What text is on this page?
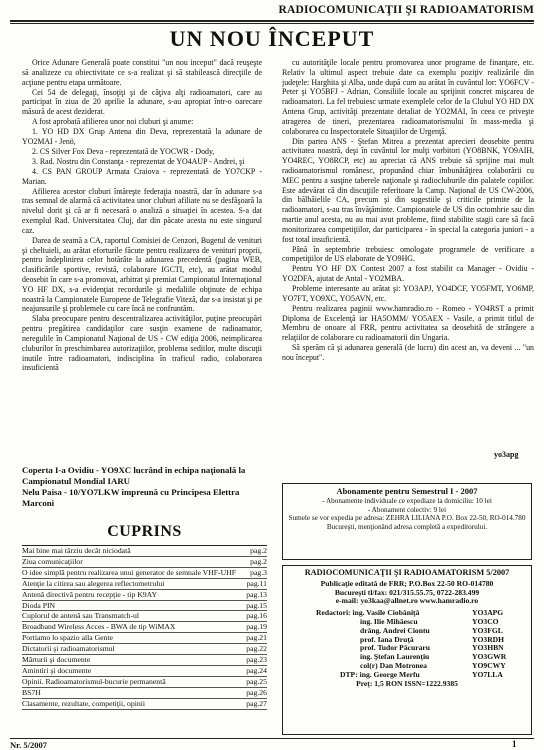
RADIOCOMUNICAŢII ŞI RADIOAMATORISM
UN NOU ÎNCEPUT

Orice Adunare Generală poate constitui "un nou inceput" dacă reuşeşte să analizeze cu obiectivitate ce s-a realizat şi să stabilească direcţiile de acţiune pentru etapa următoare.

Cei 54 de delegaţi, însoţiţi şi de câţiva alţi radioamatori, care au participat în ziua de 20 aprilie la adunare, s-au apropiat într-o oarecare măsură de acest deziderat.

A fost aprobată afilierea unor noi cluburi şi anume:

1. YO HD DX Grup Antena din Deva, reprezentată la adunare de YO2MAI - Jenö,

2. CS Silver Fox Deva - reprezentată de YOCWR - Dody,

3. Rad. Nostru din Constanţa - reprezentat de YO4AUP - Andrei, şi

4. CS PAN GROUP Armata Craiova - reprezentată de YO7CKP - Marian.

Afilierea acestor cluburi întăreşte federaţia noastră, dar în adunare s-a tras semnal de alarmă că activitatea unor cluburi afiliate nu se desfăşoară la nivelul dorit şi că ar fi necesară o analiză a situaţiei în acestea. S-a dat exemplul Rad. Universitatea Cluj, dar din păcate acesta nu este singurul caz.

Darea de seamă a CA, raportul Comisiei de Cenzori, Bugetul de venituri şi cheltuieli, au arătat eforturile făcute pentru realizarea de venituri proprii, pentru îndeplinirea celor hotărâte la adunarea precedentă (pagina WEB, clasificările sportive, revistă, colaborare IGCTI, etc), au arătat modul deosebit în care s-a promovat, arbitrat şi premiat Campionatul Internaţional YO HF DX, s-a evidenţiat recordurile şi medaliile obţinute de echipa noastră la Campionatele Europene de Telegrafie Viteză, dar s-a insistat şi pe neajunsurile şi problemele cu care încă ne confruntăm.

Slaba preocupare pentru descentralizarea activităţilor, puţine preocupări pentru pregătirea candidaţilor care susţin examene de radioamator, neregulile în Campionatul Naţional de US - CW ediţia 2006, neimplicarea cluburilor în preschimbarea autorizaţiilor, problema sediilor, multe discuţii inutile între radioamatori, indisciplina în traficul radio, colaborarea insuficientă

cu autorităţile locale pentru promovarea unor programe de finanţare, etc. Relativ la ultimul aspect trebuie date ca exemplu poziţiv realizările din judeţele: Harghita şi Alba, unde după cum au arătat în cuvântul lor: YO6FCV - Peter şi YO5BFJ - Adrian, Consiliile locale au sprijinit concret mişcarea de radioamatori. La fel trebuiesc urmate exemplele celor de la Clubul YO HD DX Antena Grup, activităţi prezentate detaliat de YO2MAI, în ceea ce priveşte atragerea de tineri, prezentarea radioamatorismului în mass-media şi colaborarea cu Inspectoratele Situaţiilor de Urgenţă.

Din partea ANS - Ştefan Mitrea a prezentat aprecieri deosebite pentru activitatea noastră, deşi în cuvântul lor mulţi vorbitori (YO8BNK, YO9AIH, YO4REC, YO8RCP, etc) au apreciat că ANS trebuie să sprijine mai mult radioamatorismul românesc, propunând chiar îmbunătăţirea colaborării cu MEC pentru a susţine taberele naţionale şi radiocluburile din palatele copiilor. Este adevărat că din discuţiile referitoare la Camp. Naţional de US CW-2006, din bălbăielile CA, precum şi din sugestiile şi criticile primite de la radioamatori, s-au tras învăţăminte. Campionatele de US din octombrie sau din martie anul acesta, nu au mai avut probleme, fiind stabilite stagii care să facă monitorizarea competiţiilor, dar participarea - în special la categoria juniori - a fost total insuficientă.

Până în septembrie trebuiesc omologate programele de verificare a competiţiilor de US elaborate de YO9HG.

Pentru YO HF DX Contest 2007 a fost stabilit ca Manager - Ovidiu - YO2DFA, ajutat de Antal - YO2MBA.

Probleme interesante au arătat şi: YO3APJ, YO4DCF, YO5FMT, YO6MP, YO7FT, YO9XC, YO5AVN, etc.

Pentru realizarea paginii www.hamradio.ro - Romeo - YO4RST a primit Diploma de Excelenţă iar HA5OMM/ YO5AEX - Vasile, a primit titlul de Membru de onoare al FRR, pentru activitatea sa deosebită de strângere a relaţiilor de colaborare cu radioamatorii din Ungaria.

Să sperăm că şi adunarea generală (de lucru) din acest an, va deveni ... "un nou început".

yo3apg

Coperta I-a Ovidiu - YO9XC lucrând în echipa naţională la Campionatul Mondial IARU

Nelu Paisa - 10/YO7LKW împreună cu Principesa Elettra Marconi

CUPRINS
Mai bine mai târziu decât niciodată	pag.2
Ziua comunicaţiilor	pag.2
O idee simplă pentru realizarea unui generator de semnale VHF-UHF	pag.3
Atenţie la citirea sau alegerea reflectometrului	pag.11
Antenă directivă pentru recepţie - tip K9AY	pag.13
Dioda PIN	pag.15
Cuplorul de antenă sau Transmatch-ul	pag.16
Broadband Wireless Acces - BWA de tip WiMAX	pag.19
Portiamo lo spazio alla Gente	pag.21
Dictatorii şi radioamatorismul	pag.22
Mărturii şi documente	pag.23
Amintiri şi documente	pag.24
Opinii. Radioamatorismul-bucurie permanentă	pag.25
BS7H	pag.26
Clasamente, rezultate, competiţii, opinii	pag.27
Abonamente pentru Semestrul I - 2007

- Abonamente individuale ce expediaze la domiciliu: 10 lei

- Abonament colectiv: 9 lei

Sumele se vor expedia pe adresa: ZEHRA LILIANA P.O. Box 22-50, RO-014.780 Bucureşti, menţionând adresa completă a expeditorului.

RADIOCOMUNICAŢII ŞI RADIOAMATORISM 5/2007

Publicaţie editată de FRR; P.O.Box 22-50 RO-014780

Bucureşti tl/fax: 021/315.55.75, 0722-283.499

e-mail: yo3kaa@allnet.ro www.hamradio.ro

Redactori: ing. Vasile Ciobăniţă	YO3APG
ing. Ilie Mihăescu	YO3CO
drăng. Andrei Ciontu	YO3FGL
prof. Iana Druţă	YO3RDH
prof. Tudor Păcuraru	YO3HBN
ing. Ştefan Laurenţiu	YO3GWR
col(r) Dan Motronea	YO9CWY
DTP: ing. George Merfu	YO7LLA

Preţ: 1,5 RON ISSN=1222.9385

Nr. 5/2007	1
